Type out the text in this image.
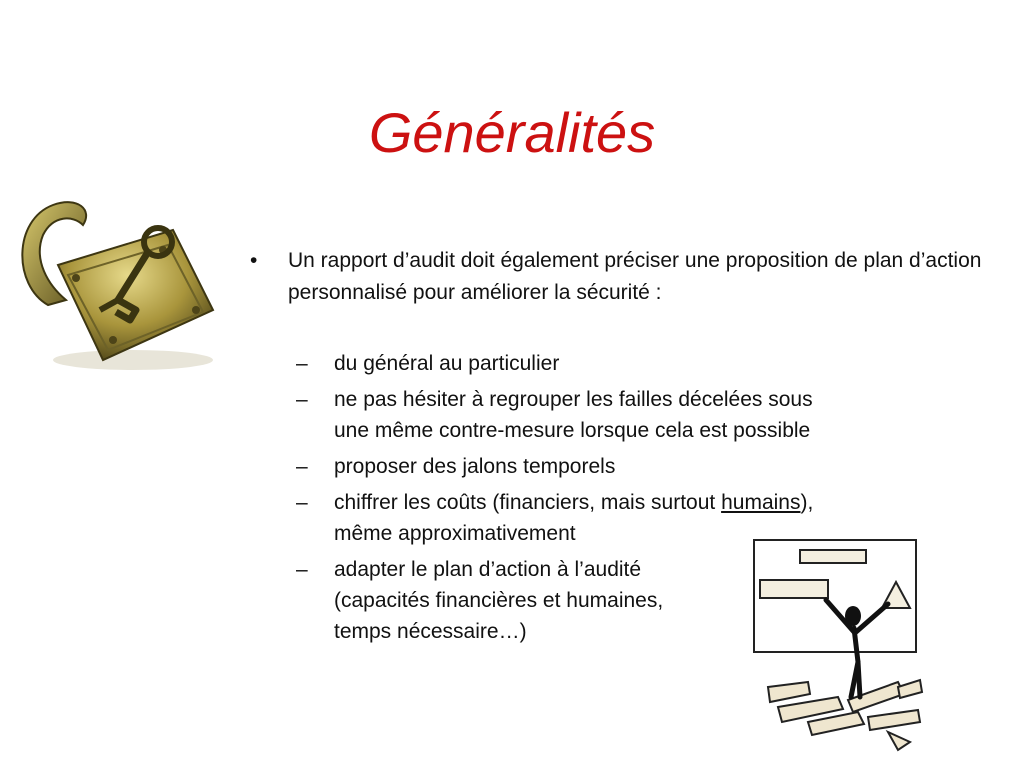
Généralités
• Un rapport d’audit doit également préciser une proposition de plan d’action personnalisé pour améliorer la sécurité :
– du général au particulier
– ne pas hésiter à regrouper les failles décelées sous
une même contre-mesure lorsque cela est possible
– proposer des jalons temporels
– chiffrer les coûts (financiers, mais surtout humains),
même approximativement
– adapter le plan d’action à l’audité
(capacités financières et humaines,
temps nécessaire…)
